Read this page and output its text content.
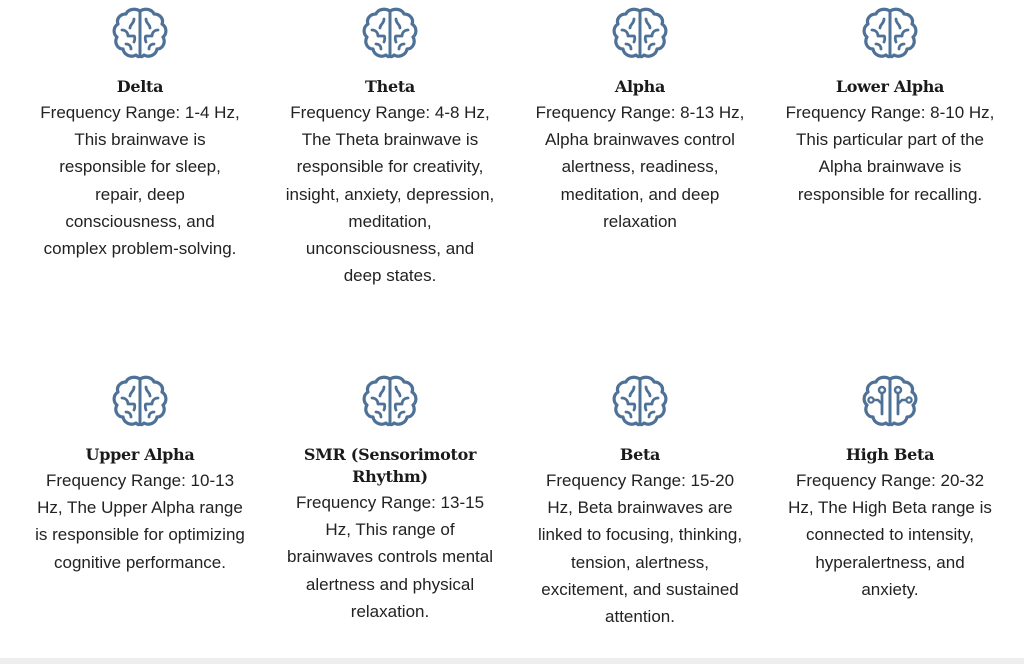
Delta

Frequency Range: 1-4 Hz, This brainwave is responsible for sleep, repair, deep consciousness, and complex problem-solving.

Theta

Frequency Range: 4-8 Hz, The Theta brainwave is responsible for creativity, insight, anxiety, depression, meditation, unconsciousness, and deep states.

Alpha

Frequency Range: 8-13 Hz, Alpha brainwaves control alertness, readiness, meditation, and deep relaxation

Lower Alpha

Frequency Range: 8-10 Hz, This particular part of the Alpha brainwave is responsible for recalling.

Upper Alpha

Frequency Range: 10-13 Hz, The Upper Alpha range is responsible for optimizing cognitive performance.

SMR (Sensorimotor Rhythm)

Frequency Range: 13-15 Hz, This range of brainwaves controls mental alertness and physical relaxation.

Beta

Frequency Range: 15-20 Hz, Beta brainwaves are linked to focusing, thinking, tension, alertness, excitement, and sustained attention.

High Beta

Frequency Range: 20-32 Hz, The High Beta range is connected to intensity, hyperalertness, and anxiety.
